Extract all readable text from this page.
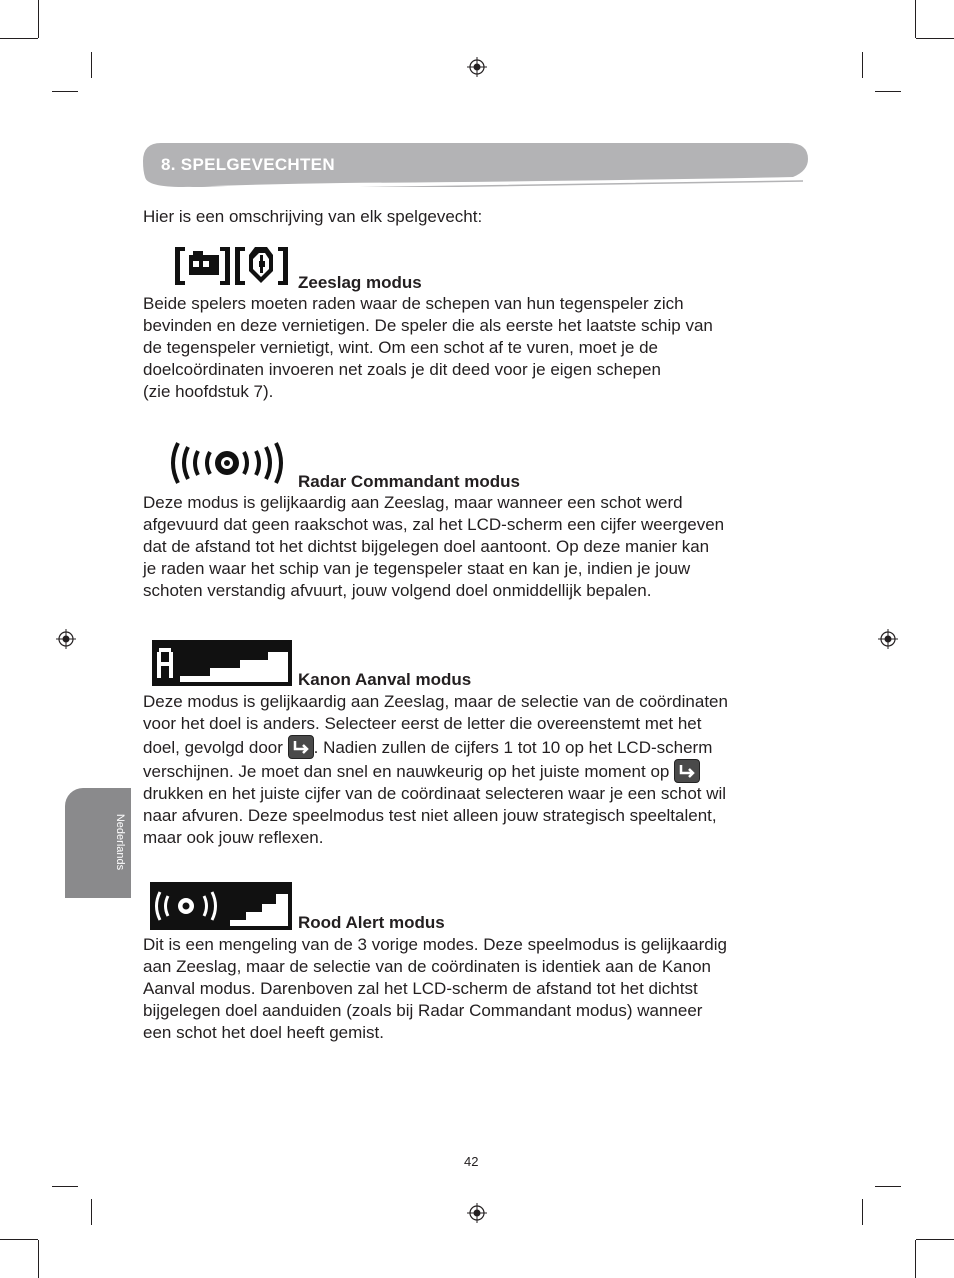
8. SPELGEVECHTEN
Hier is een omschrijving van elk spelgevecht:
Zeeslag modus

Beide spelers moeten raden waar de schepen van hun tegenspeler zich

bevinden en deze vernietigen. De speler die als eerste het laatste schip van

de tegenspeler vernietigt, wint. Om een schot af te vuren, moet je de

doelcoördinaten invoeren net zoals je dit deed voor je eigen schepen

(zie hoofdstuk 7).

Radar Commandant modus

Deze modus is gelijkaardig aan Zeeslag, maar wanneer een schot werd

afgevuurd dat geen raakschot was, zal het LCD-scherm een cijfer weergeven

dat de afstand tot het dichtst bijgelegen doel aantoont. Op deze manier kan

je raden waar het schip van je tegenspeler staat en kan je, indien je jouw

schoten verstandig afvuurt, jouw volgend doel onmiddellijk bepalen.

Kanon Aanval modus

Deze modus is gelijkaardig aan Zeeslag, maar de selectie van de coördinaten

voor het doel is anders. Selecteer eerst de letter die overeenstemt met het

doel, gevolgd door . Nadien zullen de cijfers 1 tot 10 op het LCD-scherm

verschijnen. Je moet dan snel en nauwkeurig op het juiste moment op

drukken en het juiste cijfer van de coördinaat selecteren waar je een schot wil

naar afvuren. Deze speelmodus test niet alleen jouw strategisch speeltalent,

maar ook jouw reflexen.

Rood Alert modus

Dit is een mengeling van de 3 vorige modes. Deze speelmodus is gelijkaardig

aan Zeeslag, maar de selectie van de coördinaten is identiek aan de Kanon

Aanval modus. Darenboven zal het LCD-scherm de afstand tot het dichtst

bijgelegen doel aanduiden (zoals bij Radar Commandant modus) wanneer

een schot het doel heeft gemist.

Nederlands
42
